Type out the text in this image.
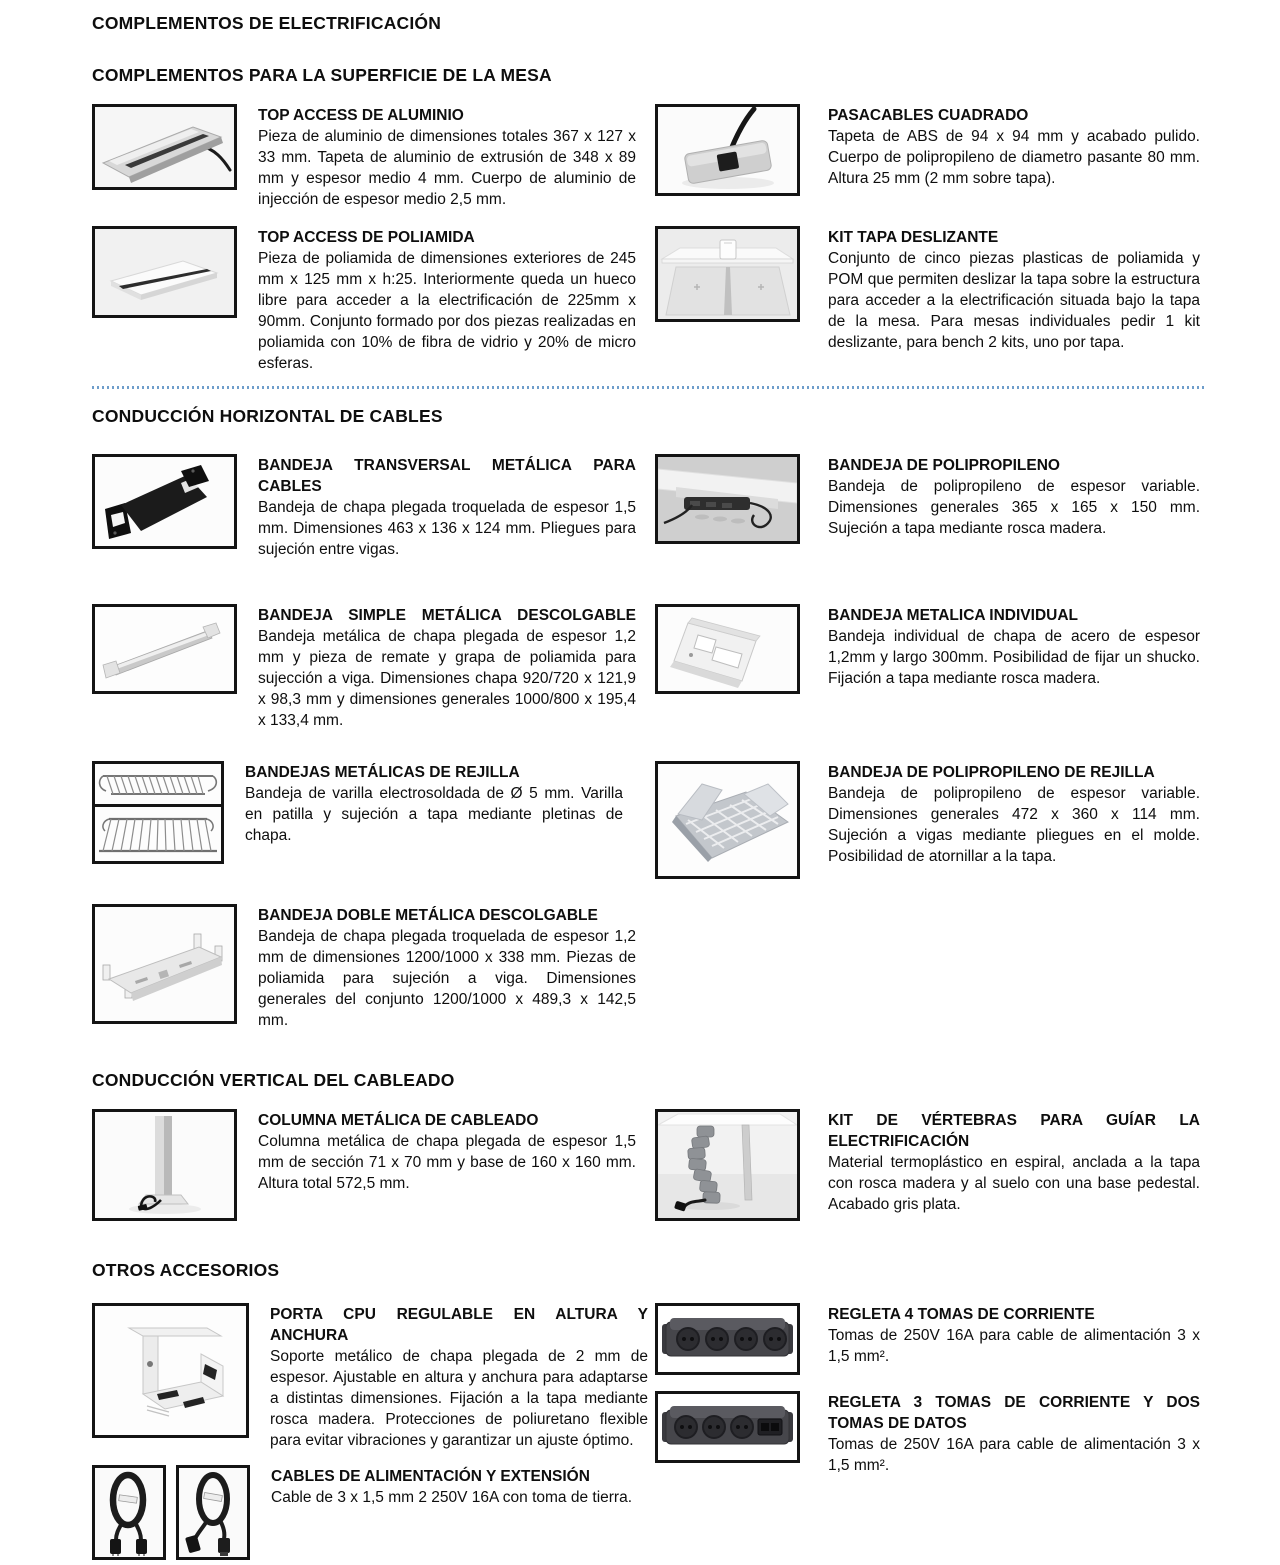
COMPLEMENTOS DE ELECTRIFICACIÓN
COMPLEMENTOS PARA LA SUPERFICIE DE LA MESA
TOP ACCESS DE ALUMINIO

Pieza de aluminio de dimensiones totales 367 x 127 x 33 mm. Tapeta de aluminio de extrusión de 348 x 89 mm y espesor medio 4 mm. Cuerpo de aluminio de injección de espesor medio 2,5 mm.

TOP ACCESS DE POLIAMIDA

Pieza de poliamida de dimensiones exteriores de 245 mm x 125 mm x h:25. Interiormente queda un hueco libre para acceder a la electrificación de 225mm x 90mm. Conjunto formado por dos piezas realizadas en poliamida con 10% de fibra de vidrio y 20% de micro esferas.

PASACABLES CUADRADO

Tapeta de ABS de 94 x 94 mm y acabado pulido. Cuerpo de polipropileno de diametro pasante 80 mm. Altura 25 mm (2 mm sobre tapa).

KIT TAPA DESLIZANTE

Conjunto de cinco piezas plasticas de poliamida y POM que permiten deslizar la tapa sobre la estructura para acceder a la electrificación situada bajo la tapa de la mesa. Para mesas individuales pedir 1 kit deslizante, para bench 2 kits, uno por tapa.

CONDUCCIÓN HORIZONTAL DE CABLES
BANDEJA TRANSVERSAL METÁLICA PARA CABLES

Bandeja de chapa plegada troquelada de espesor 1,5 mm. Dimensiones 463 x 136 x 124 mm. Pliegues para sujeción entre vigas.

BANDEJA SIMPLE METÁLICA DESCOLGABLE Bandeja metálica de chapa plegada de espesor 1,2 mm y pieza de remate y grapa de poliamida para sujección a viga. Dimensiones chapa 920/720 x 121,9 x 98,3 mm y dimensiones generales 1000/800 x 195,4 x 133,4 mm.

BANDEJAS METÁLICAS DE REJILLA

Bandeja de varilla electrosoldada de Ø 5 mm. Varilla en patilla y sujeción a tapa mediante pletinas de chapa.

BANDEJA DOBLE METÁLICA DESCOLGABLE

Bandeja de chapa plegada troquelada de espesor 1,2 mm de dimensiones 1200/1000 x 338 mm. Piezas de poliamida para sujeción a viga. Dimensiones generales del conjunto 1200/1000 x 489,3 x 142,5 mm.

BANDEJA DE POLIPROPILENO

Bandeja de polipropileno de espesor variable. Dimensiones generales 365 x 165 x 150 mm. Sujeción a tapa mediante rosca madera.

BANDEJA METALICA INDIVIDUAL

Bandeja individual de chapa de acero de espesor 1,2mm y largo 300mm. Posibilidad de fijar un shucko. Fijación a tapa mediante rosca madera.

BANDEJA DE POLIPROPILENO DE REJILLA

Bandeja de polipropileno de espesor variable. Dimensiones generales 472 x 360 x 114 mm. Sujeción a vigas mediante pliegues en el molde. Posibilidad de atornillar a la tapa.

CONDUCCIÓN VERTICAL DEL CABLEADO
COLUMNA METÁLICA DE CABLEADO

Columna metálica de chapa plegada de espesor 1,5 mm de sección 71 x 70 mm y base de 160 x 160 mm. Altura total 572,5 mm.

KIT DE VÉRTEBRAS PARA GUÍAR LA ELECTRIFICACIÓN

Material termoplástico en espiral, anclada a la tapa con rosca madera y al suelo con una base pedestal. Acabado gris plata.

OTROS ACCESORIOS
PORTA CPU REGULABLE EN ALTURA Y ANCHURA

Soporte metálico de chapa plegada de 2 mm de espesor. Ajustable en altura y anchura para adaptarse a distintas dimensiones. Fijación a la tapa mediante rosca madera. Protecciones de poliuretano flexible para evitar vibraciones y garantizar un ajuste óptimo.

CABLES DE ALIMENTACIÓN Y EXTENSIÓN

Cable de 3 x 1,5 mm 2 250V 16A con toma de tierra.

REGLETA 4 TOMAS DE CORRIENTE

Tomas de 250V 16A para cable de alimentación 3 x 1,5 mm².

REGLETA 3 TOMAS DE CORRIENTE Y DOS TOMAS DE DATOS

Tomas de 250V 16A para cable de alimentación 3 x 1,5 mm².
